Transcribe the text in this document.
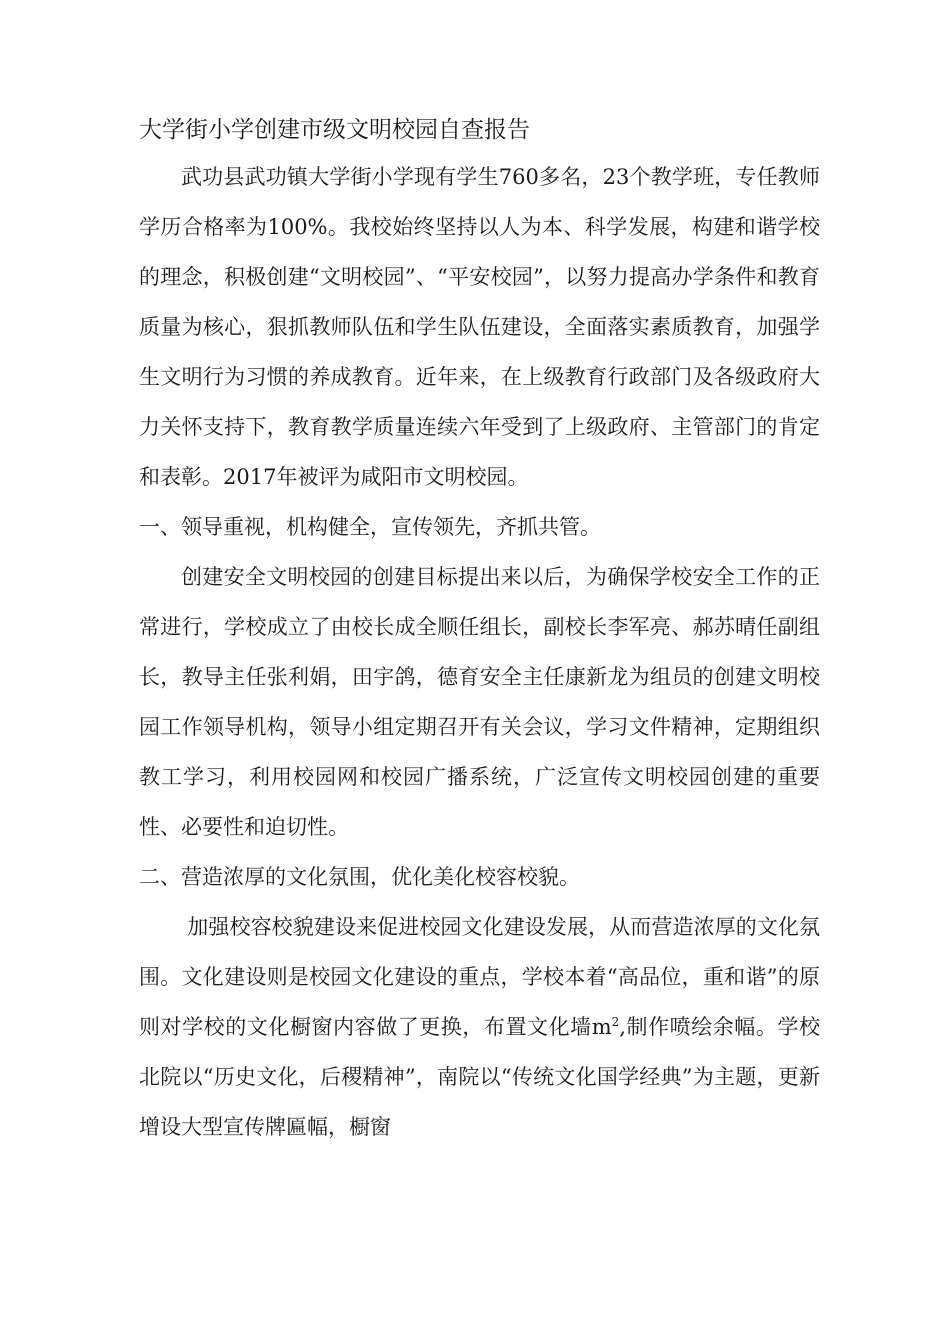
大学街小学创建市级文明校园自查报告

武功县武功镇大学街小学现有学生760多名，23个教学班，专任教师学历合格率为100%。我校始终坚持以人为本、科学发展，构建和谐学校的理念，积极创建“文明校园”、“平安校园”，以努力提高办学条件和教育质量为核心，狠抓教师队伍和学生队伍建设，全面落实素质教育，加强学生文明行为习惯的养成教育。近年来，在上级教育行政部门及各级政府大力关怀支持下，教育教学质量连续六年受到了上级政府、主管部门的肯定和表彰。2017年被评为咸阳市文明校园。

一、领导重视，机构健全，宣传领先，齐抓共管。

创建安全文明校园的创建目标提出来以后，为确保学校安全工作的正常进行，学校成立了由校长成全顺任组长，副校长李军亮、郝苏晴任副组长，教导主任张利娟，田宇鸽，德育安全主任康新龙为组员的创建文明校园工作领导机构，领导小组定期召开有关会议，学习文件精神，定期组织教工学习，利用校园网和校园广播系统，广泛宣传文明校园创建的重要性、必要性和迫切性。

二、营造浓厚的文化氛围，优化美化校容校貌。

加强校容校貌建设来促进校园文化建设发展，从而营造浓厚的文化氛围。文化建设则是校园文化建设的重点，学校本着“高品位，重和谐”的原则对学校的文化橱窗内容做了更换，布置文化墙$m^2$,制作喷绘余幅。学校北院以“历史文化，后稷精神”，南院以“传统文化国学经典”为主题，更新增设大型宣传牌匾幅，橱窗
